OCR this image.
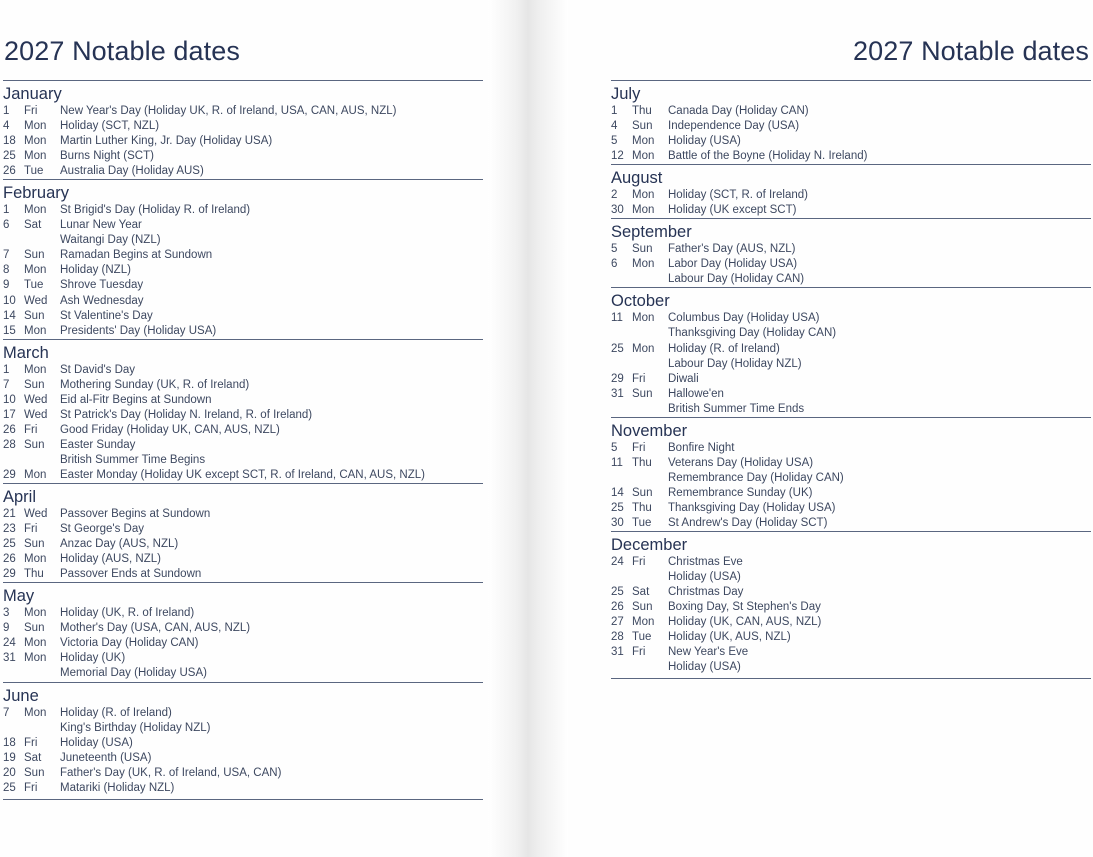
2027 Notable dates	2027 Notable dates
January
1	Fri	New Year's Day (Holiday UK, R. of Ireland, USA, CAN, AUS, NZL)
4	Mon	Holiday (SCT, NZL)
18 Mon	Martin Luther King, Jr. Day (Holiday USA)
25 Mon	Burns Night (SCT)
26 Tue	Australia Day (Holiday AUS)
February
1	Mon	St Brigid's Day (Holiday R. of Ireland)
6	Sat	Lunar New Year
Waitangi Day (NZL)
7	Sun	Ramadan Begins at Sundown
8	Mon	Holiday (NZL)
9	Tue	Shrove Tuesday
10 Wed	Ash Wednesday
14 Sun	St Valentine's Day
15 Mon	Presidents' Day (Holiday USA)
March
1	Mon	St David's Day
7	Sun	Mothering Sunday (UK, R. of Ireland)
10 Wed	Eid al-Fitr Begins at Sundown
17 Wed	St Patrick's Day (Holiday N. Ireland, R. of Ireland)
26 Fri	Good Friday (Holiday UK, CAN, AUS, NZL)
28 Sun	Easter Sunday
British Summer Time Begins
29 Mon	Easter Monday (Holiday UK except SCT, R. of Ireland, CAN, AUS, NZL)
April
21 Wed	Passover Begins at Sundown
23 Fri	St George's Day
25 Sun	Anzac Day (AUS, NZL)
26 Mon	Holiday (AUS, NZL)
29 Thu	Passover Ends at Sundown
May
3	Mon	Holiday (UK, R. of Ireland)
9	Sun	Mother's Day (USA, CAN, AUS, NZL)
24 Mon	Victoria Day (Holiday CAN)
31 Mon	Holiday (UK)
Memorial Day (Holiday USA)
June
7	Mon	Holiday (R. of Ireland)
King's Birthday (Holiday NZL)
18 Fri	Holiday (USA)
19 Sat	Juneteenth (USA)
20 Sun	Father's Day (UK, R. of Ireland, USA, CAN)
25 Fri	Matariki (Holiday NZL)
July
1	Thu	Canada Day (Holiday CAN)
4	Sun	Independence Day (USA)
5	Mon	Holiday (USA)
12 Mon	Battle of the Boyne (Holiday N. Ireland)
August
2	Mon	Holiday (SCT, R. of Ireland)
30 Mon	Holiday (UK except SCT)
September
5	Sun	Father's Day (AUS, NZL)
6	Mon	Labor Day (Holiday USA)
Labour Day (Holiday CAN)
October
11 Mon	Columbus Day (Holiday USA)
Thanksgiving Day (Holiday CAN)
25 Mon	Holiday (R. of Ireland)
Labour Day (Holiday NZL)
29 Fri	Diwali
31 Sun	Hallowe'en
British Summer Time Ends
November
5	Fri	Bonfire Night
11 Thu	Veterans Day (Holiday USA)
Remembrance Day (Holiday CAN)
14 Sun	Remembrance Sunday (UK)
25 Thu	Thanksgiving Day (Holiday USA)
30 Tue	St Andrew's Day (Holiday SCT)
December
24 Fri	Christmas Eve
Holiday (USA)
25 Sat	Christmas Day
26 Sun	Boxing Day, St Stephen's Day
27 Mon	Holiday (UK, CAN, AUS, NZL)
28 Tue	Holiday (UK, AUS, NZL)
31 Fri	New Year's Eve
Holiday (USA)
